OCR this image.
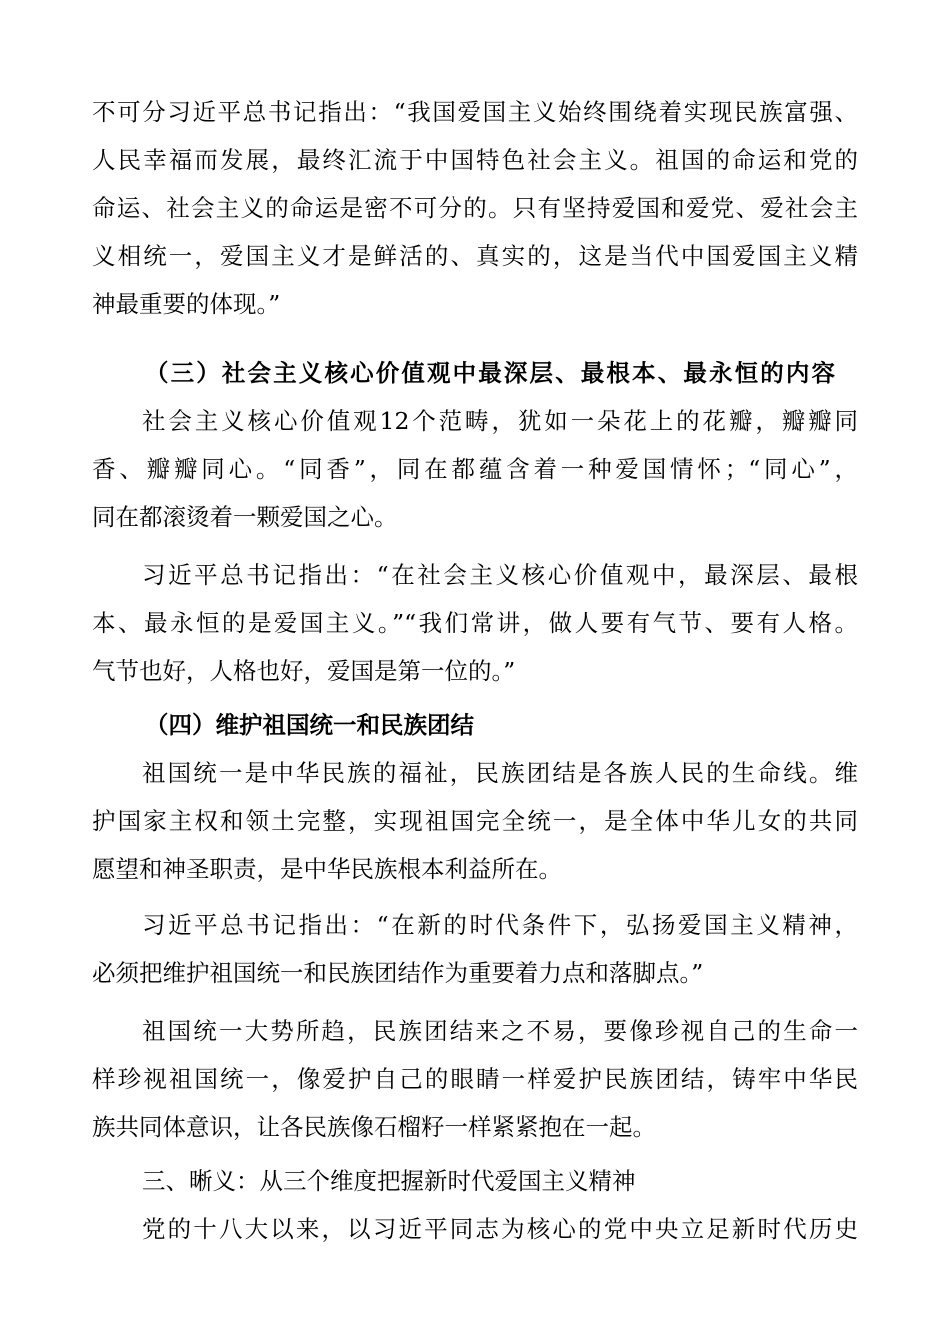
不可分习近平总书记指出：“我国爱国主义始终围绕着实现民族富强、
人民幸福而发展，最终汇流于中国特色社会主义。祖国的命运和党的
命运、社会主义的命运是密不可分的。只有坚持爱国和爱党、爱社会主
义相统一，爱国主义才是鲜活的、真实的，这是当代中国爱国主义精
神最重要的体现。”
（三）社会主义核心价值观中最深层、最根本、最永恒的内容
社会主义核心价值观12个范畴，犹如一朵花上的花瓣，瓣瓣同
香、瓣瓣同心。“同香”，同在都蕴含着一种爱国情怀；“同心”，
同在都滚烫着一颗爱国之心。
习近平总书记指出：“在社会主义核心价值观中，最深层、最根
本、最永恒的是爱国主义。”“我们常讲，做人要有气节、要有人格。
气节也好，人格也好，爱国是第一位的。”
（四）维护祖国统一和民族团结
祖国统一是中华民族的福祉，民族团结是各族人民的生命线。维
护国家主权和领土完整，实现祖国完全统一，是全体中华儿女的共同
愿望和神圣职责，是中华民族根本利益所在。
习近平总书记指出：“在新的时代条件下，弘扬爱国主义精神，
必须把维护祖国统一和民族团结作为重要着力点和落脚点。”
祖国统一大势所趋，民族团结来之不易，要像珍视自己的生命一
样珍视祖国统一，像爱护自己的眼睛一样爱护民族团结，铸牢中华民
族共同体意识，让各民族像石榴籽一样紧紧抱在一起。
三、晰义：从三个维度把握新时代爱国主义精神
党的十八大以来，以习近平同志为核心的党中央立足新时代历史
